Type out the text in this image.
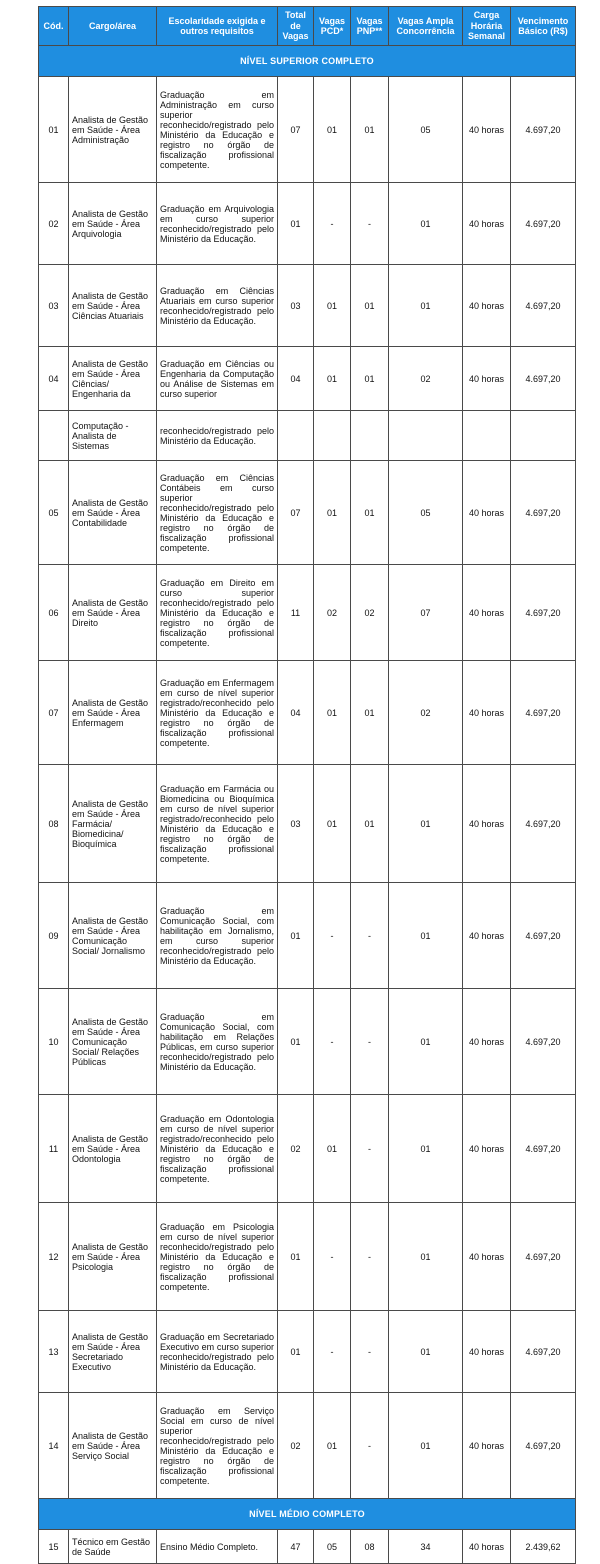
Cód.	Cargo/área	Escolaridade exigida e outros requisitos	Total de Vagas	Vagas PCD*	Vagas PNP**	Vagas Ampla Concorrência	Carga Horária Semanal	Vencimento Básico (R$)
NÍVEL SUPERIOR COMPLETO								
01	Analista de Gestão em Saúde - Área Administração	Graduação em Administração em curso superior reconhecido/registrado pelo Ministério da Educação e registro no órgão de fiscalização profissional competente.	07	01	01	05	40 horas	4.697,20
02	Analista de Gestão em Saúde - Área Arquivologia	Graduação em Arquivologia em curso superior reconhecido/registrado pelo Ministério da Educação.	01	-	-	01	40 horas	4.697,20
03	Analista de Gestão em Saúde - Área Ciências Atuariais	Graduação em Ciências Atuariais em curso superior reconhecido/registrado pelo Ministério da Educação.	03	01	01	01	40 horas	4.697,20
04	Analista de Gestão em Saúde - Área Ciências/ Engenharia da	Graduação em Ciências ou Engenharia da Computação ou Análise de Sistemas em curso superior	04	01	01	02	40 horas	4.697,20
	Computação - Analista de Sistemas	reconhecido/registrado pelo Ministério da Educação.						
05	Analista de Gestão em Saúde - Área Contabilidade	Graduação em Ciências Contábeis em curso superior reconhecido/registrado pelo Ministério da Educação e registro no órgão de fiscalização profissional competente.	07	01	01	05	40 horas	4.697,20
06	Analista de Gestão em Saúde - Área Direito	Graduação em Direito em curso superior reconhecido/registrado pelo Ministério da Educação e registro no órgão de fiscalização profissional competente.	11	02	02	07	40 horas	4.697,20
07	Analista de Gestão em Saúde - Área Enfermagem	Graduação em Enfermagem em curso de nível superior registrado/reconhecido pelo Ministério da Educação e registro no órgão de fiscalização profissional competente.	04	01	01	02	40 horas	4.697,20
08	Analista de Gestão em Saúde - Área Farmácia/ Biomedicina/ Bioquímica	Graduação em Farmácia ou Biomedicina ou Bioquímica em curso de nível superior registrado/reconhecido pelo Ministério da Educação e registro no órgão de fiscalização profissional competente.	03	01	01	01	40 horas	4.697,20
09	Analista de Gestão em Saúde - Área Comunicação Social/ Jornalismo	Graduação em Comunicação Social, com habilitação em Jornalismo, em curso superior reconhecido/registrado pelo Ministério da Educação.	01	-	-	01	40 horas	4.697,20
10	Analista de Gestão em Saúde - Área Comunicação Social/ Relações Públicas	Graduação em Comunicação Social, com habilitação em Relações Públicas, em curso superior reconhecido/registrado pelo Ministério da Educação.	01	-	-	01	40 horas	4.697,20
11	Analista de Gestão em Saúde - Área Odontologia	Graduação em Odontologia em curso de nível superior registrado/reconhecido pelo Ministério da Educação e registro no órgão de fiscalização profissional competente.	02	01	-	01	40 horas	4.697,20
12	Analista de Gestão em Saúde - Área Psicologia	Graduação em Psicologia em curso de nível superior reconhecido/registrado pelo Ministério da Educação e registro no órgão de fiscalização profissional competente.	01	-	-	01	40 horas	4.697,20
13	Analista de Gestão em Saúde - Área Secretariado Executivo	Graduação em Secretariado Executivo em curso superior reconhecido/registrado pelo Ministério da Educação.	01	-	-	01	40 horas	4.697,20
14	Analista de Gestão em Saúde - Área Serviço Social	Graduação em Serviço Social em curso de nível superior reconhecido/registrado pelo Ministério da Educação e registro no órgão de fiscalização profissional competente.	02	01	-	01	40 horas	4.697,20
NÍVEL MÉDIO COMPLETO								
15	Técnico em Gestão de Saúde	Ensino Médio Completo.	47	05	08	34	40 horas	2.439,62
